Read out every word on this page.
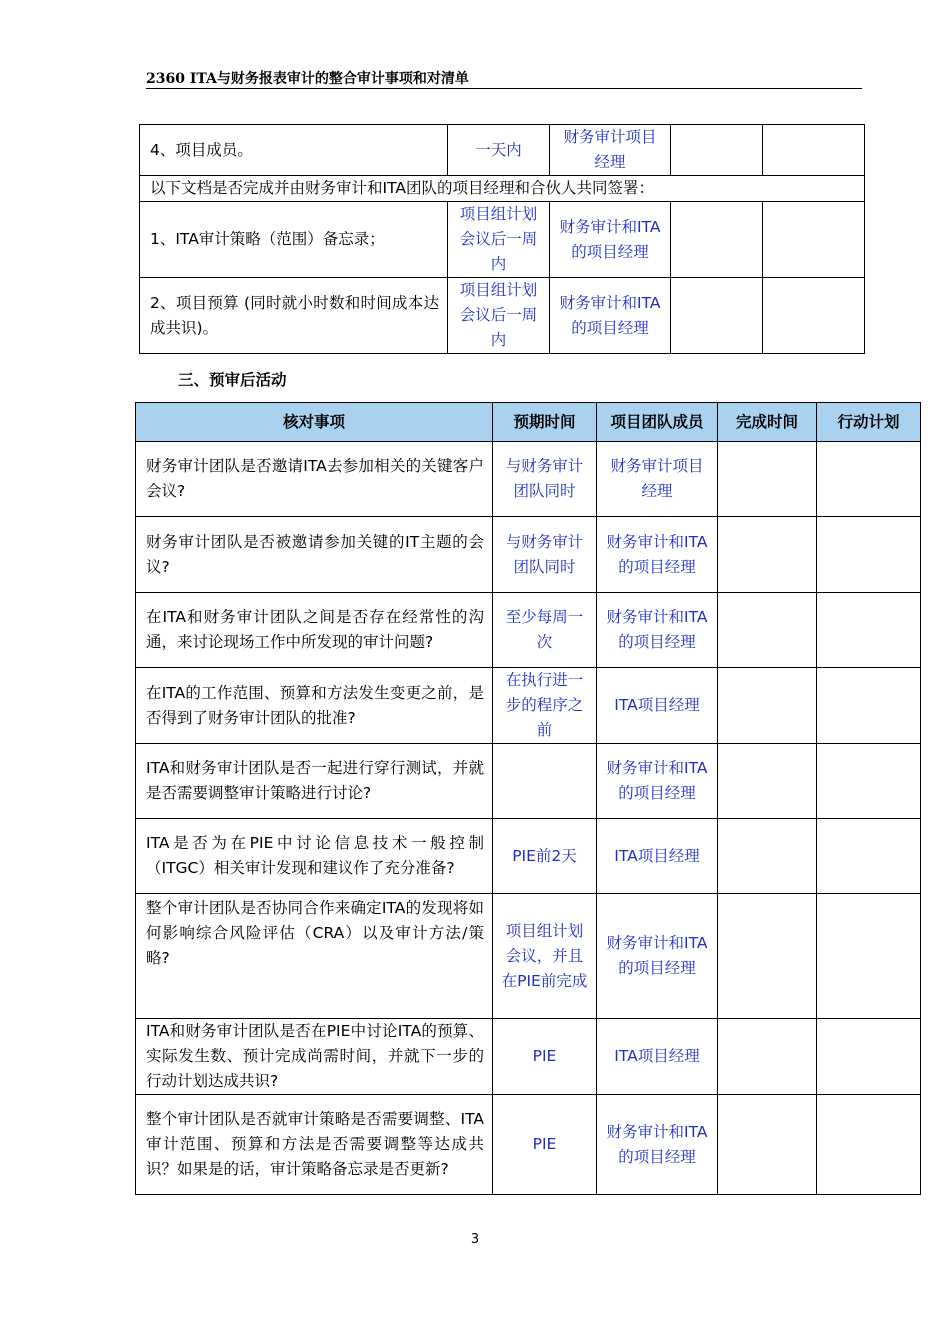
2360 ITA与财务报表审计的整合审计事项和对清单
4、项目成员。	一天内	财务审计项目经理		
以下文档是否完成并由财务审计和ITA团队的项目经理和合伙人共同签署：				
1、ITA审计策略（范围）备忘录；	项目组计划会议后一周内	财务审计和ITA的项目经理		
2、项目预算 (同时就小时数和时间成本达成共识)。	项目组计划会议后一周内	财务审计和ITA的项目经理		
三、预审后活动
核对事项	预期时间	项目团队成员	完成时间	行动计划
财务审计团队是否邀请ITA去参加相关的关键客户会议?	与财务审计团队同时	财务审计项目经理		
财务审计团队是否被邀请参加关键的IT主题的会议?	与财务审计团队同时	财务审计和ITA的项目经理		
在ITA和财务审计团队之间是否存在经常性的沟通，来讨论现场工作中所发现的审计问题?	至少每周一次	财务审计和ITA的项目经理		
在ITA的工作范围、预算和方法发生变更之前，是否得到了财务审计团队的批准?	在执行进一步的程序之前	ITA项目经理		
ITA和财务审计团队是否一起进行穿行测试，并就是否需要调整审计策略进行讨论?		财务审计和ITA的项目经理		
ITA是否为在PIE中讨论信息技术一般控制（ITGC）相关审计发现和建议作了充分准备?	PIE前2天	ITA项目经理		
整个审计团队是否协同合作来确定ITA的发现将如何影响综合风险评估（CRA）以及审计方法/策略?	项目组计划会议，并且在PIE前完成	财务审计和ITA的项目经理		
ITA和财务审计团队是否在PIE中讨论ITA的预算、实际发生数、预计完成尚需时间，并就下一步的行动计划达成共识?	PIE	ITA项目经理		
整个审计团队是否就审计策略是否需要调整、ITA审计范围、预算和方法是否需要调整等达成共识？如果是的话，审计策略备忘录是否更新?	PIE	财务审计和ITA的项目经理		
3
